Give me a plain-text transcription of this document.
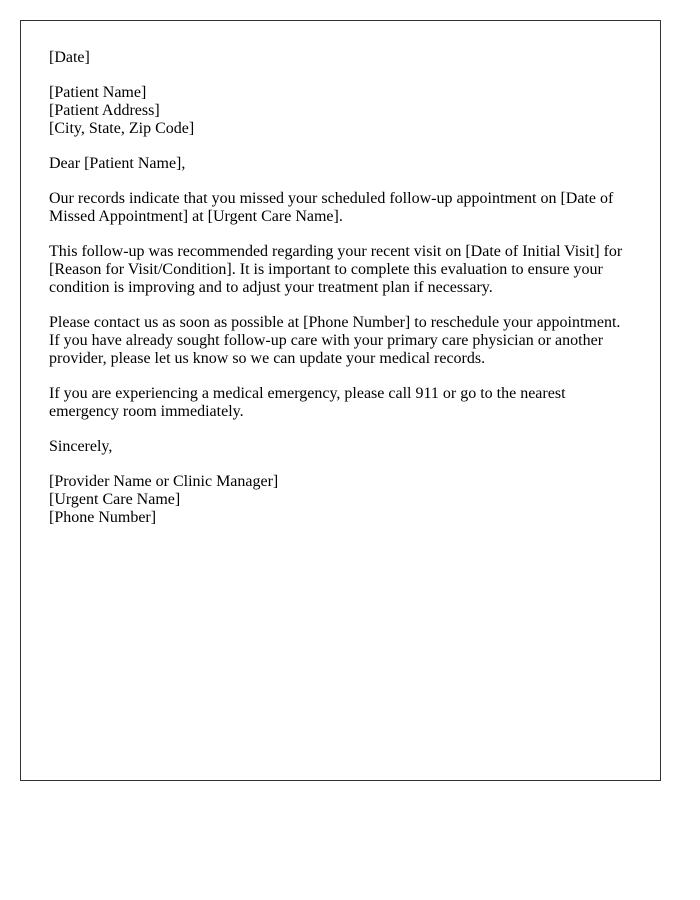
[Date]
[Patient Name]
[Patient Address]
[City, State, Zip Code]
Dear [Patient Name],
Our records indicate that you missed your scheduled follow-up appointment on [Date of
Missed Appointment] at [Urgent Care Name].
This follow-up was recommended regarding your recent visit on [Date of Initial Visit] for
[Reason for Visit/Condition]. It is important to complete this evaluation to ensure your
condition is improving and to adjust your treatment plan if necessary.
Please contact us as soon as possible at [Phone Number] to reschedule your appointment.
If you have already sought follow-up care with your primary care physician or another
provider, please let us know so we can update your medical records.
If you are experiencing a medical emergency, please call 911 or go to the nearest
emergency room immediately.
Sincerely,
[Provider Name or Clinic Manager]
[Urgent Care Name]
[Phone Number]
